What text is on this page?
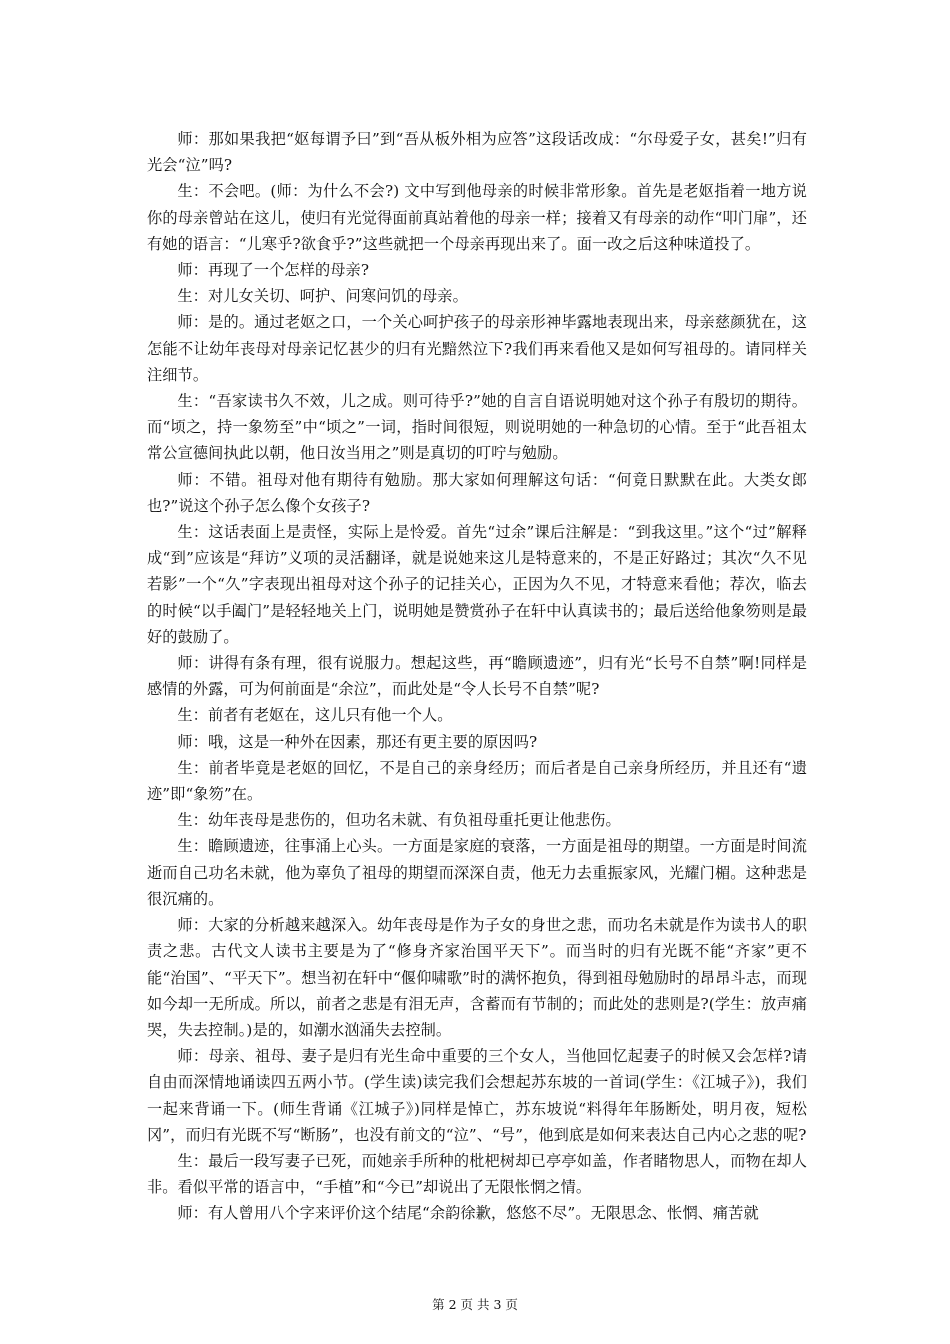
师：那如果我把“妪每谓予曰”到“吾从板外相为应答”这段话改成：“尔母爱子女，甚矣!”归有光会“泣”吗?

生：不会吧。(师：为什么不会?) 文中写到他母亲的时候非常形象。首先是老妪指着一地方说你的母亲曾站在这儿，使归有光觉得面前真站着他的母亲一样；接着又有母亲的动作“叩门扉”，还有她的语言：“儿寒乎?欲食乎?”这些就把一个母亲再现出来了。面一改之后这种味道投了。

师：再现了一个怎样的母亲?

生：对儿女关切、呵护、问寒问饥的母亲。

师：是的。通过老妪之口，一个关心呵护孩子的母亲形神毕露地表现出来，母亲慈颜犹在，这怎能不让幼年丧母对母亲记忆甚少的归有光黯然泣下?我们再来看他又是如何写祖母的。请同样关注细节。

生：“吾家读书久不效，儿之成。则可待乎?”她的自言自语说明她对这个孙子有殷切的期待。而“顷之，持一象笏至”中“顷之”一词，指时间很短，则说明她的一种急切的心情。至于“此吾祖太常公宣德间执此以朝，他日汝当用之”则是真切的叮咛与勉励。

师：不错。祖母对他有期待有勉励。那大家如何理解这句话：“何竟日默默在此。大类女郎也?”说这个孙子怎么像个女孩子?

生：这话表面上是责怪，实际上是怜爱。首先“过余”课后注解是：“到我这里。”这个“过”解释成“到”应该是“拜访”义项的灵活翻译，就是说她来这儿是特意来的，不是正好路过；其次“久不见若影”一个“久”字表现出祖母对这个孙子的记挂关心，正因为久不见，才特意来看他；荐次，临去的时候“以手阖门”是轻轻地关上门，说明她是赞赏孙子在轩中认真读书的；最后送给他象笏则是最好的鼓励了。

师：讲得有条有理，很有说服力。想起这些，再“瞻顾遗迹”，归有光“长号不自禁”啊!同样是感情的外露，可为何前面是“余泣”，而此处是“令人长号不自禁”呢?

生：前者有老妪在，这儿只有他一个人。

师：哦，这是一种外在因素，那还有更主要的原因吗?

生：前者毕竟是老妪的回忆，不是自己的亲身经历；而后者是自己亲身所经历，并且还有“遗迹”即“象笏”在。

生：幼年丧母是悲伤的，但功名未就、有负祖母重托更让他悲伤。

生：瞻顾遗迹，往事涌上心头。一方面是家庭的衰落，一方面是祖母的期望。一方面是时间流逝而自己功名未就，他为辜负了祖母的期望而深深自责，他无力去重振家风，光耀门楣。这种悲是很沉痛的。

师：大家的分析越来越深入。幼年丧母是作为子女的身世之悲，而功名未就是作为读书人的职责之悲。古代文人读书主要是为了“修身齐家治国平天下”。而当时的归有光既不能“齐家”更不能“治国”、“平天下”。想当初在轩中“偃仰啸歌”时的满怀抱负，得到祖母勉励时的昂昂斗志，而现如今却一无所成。所以，前者之悲是有泪无声，含蓄而有节制的；而此处的悲则是?(学生：放声痛哭，失去控制。)是的，如潮水汹涌失去控制。

师：母亲、祖母、妻子是归有光生命中重要的三个女人，当他回忆起妻子的时候又会怎样?请自由而深情地诵读四五两小节。(学生读)读完我们会想起苏东坡的一首词(学生：《江城子》)，我们一起来背诵一下。(师生背诵《江城子》)同样是悼亡，苏东坡说“料得年年肠断处，明月夜，短松冈”，而归有光既不写“断肠”，也没有前文的“泣”、“号”，他到底是如何来表达自己内心之悲的呢?

生：最后一段写妻子已死，而她亲手所种的枇杷树却已亭亭如盖，作者睹物思人，而物在却人非。看似平常的语言中，“手植”和“今已”却说出了无限怅惘之情。

师：有人曾用八个字来评价这个结尾“余韵徐歉，悠悠不尽”。无限思念、怅惘、痛苦就

第 2 页 共 3 页
